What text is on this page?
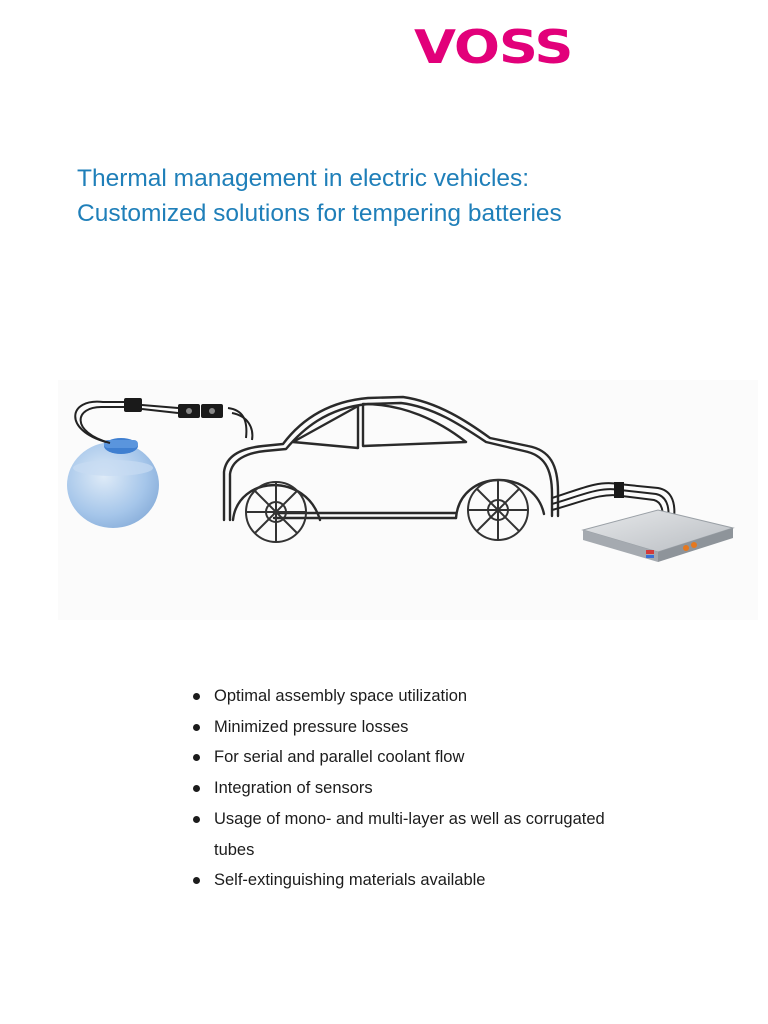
VOSS
Thermal management in electric vehicles:
Customized solutions for tempering batteries
Optimal assembly space utilization
Minimized pressure losses
For serial and parallel coolant flow
Integration of sensors
Usage of mono- and multi-layer as well as corrugated tubes
Self-extinguishing materials available
